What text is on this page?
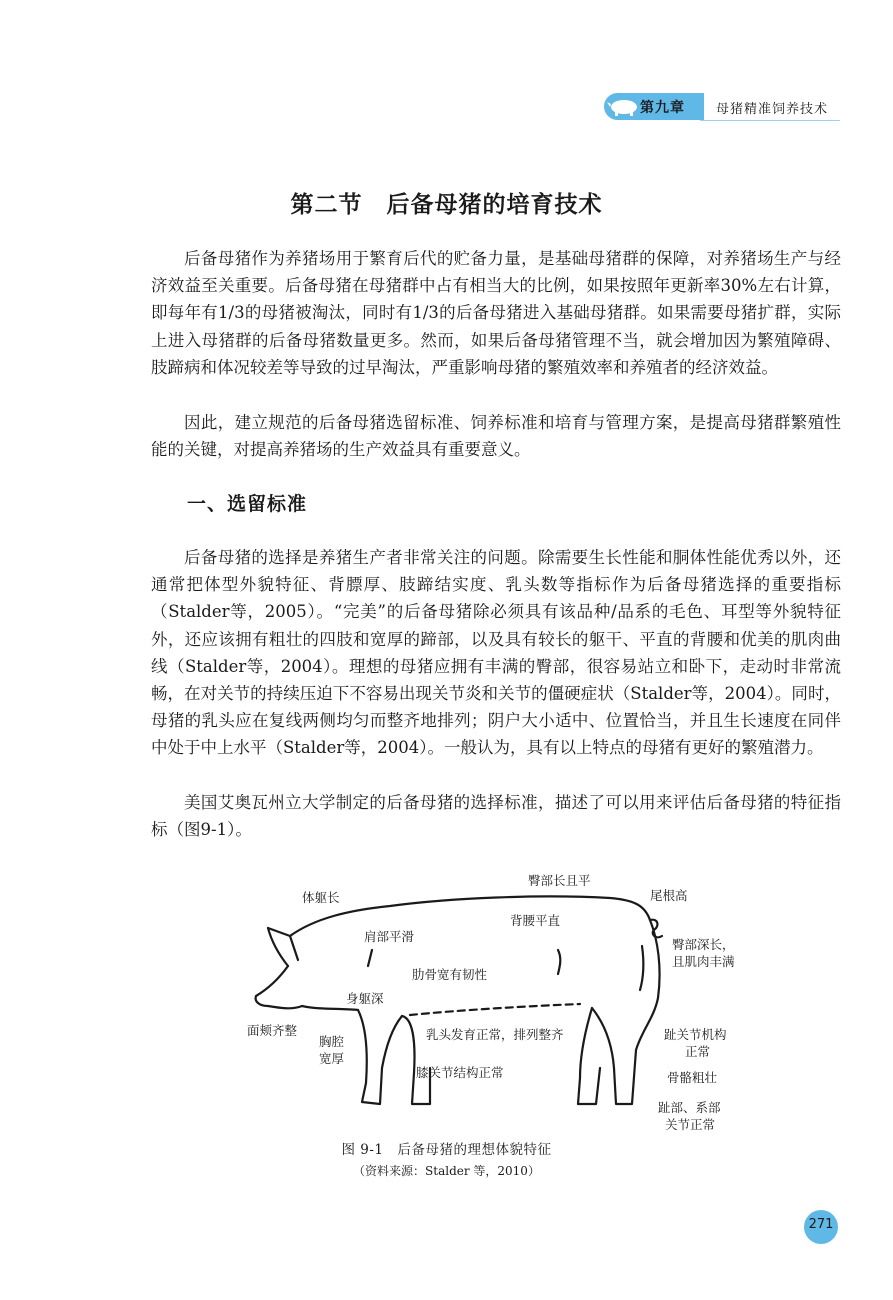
第九章 母猪精准饲养技术
第二节　后备母猪的培育技术

后备母猪作为养猪场用于繁育后代的贮备力量，是基础母猪群的保障，对养猪场生产与经济效益至关重要。后备母猪在母猪群中占有相当大的比例，如果按照年更新率30%左右计算，即每年有1/3的母猪被淘汰，同时有1/3的后备母猪进入基础母猪群。如果需要母猪扩群，实际上进入母猪群的后备母猪数量更多。然而，如果后备母猪管理不当，就会增加因为繁殖障碍、肢蹄病和体况较差等导致的过早淘汰，严重影响母猪的繁殖效率和养殖者的经济效益。

因此，建立规范的后备母猪选留标准、饲养标准和培育与管理方案，是提高母猪群繁殖性能的关键，对提高养猪场的生产效益具有重要意义。

一、选留标准

后备母猪的选择是养猪生产者非常关注的问题。除需要生长性能和胴体性能优秀以外，还通常把体型外貌特征、背膘厚、肢蹄结实度、乳头数等指标作为后备母猪选择的重要指标（Stalder等，2005）。“完美”的后备母猪除必须具有该品种/品系的毛色、耳型等外貌特征外，还应该拥有粗壮的四肢和宽厚的蹄部，以及具有较长的躯干、平直的背腰和优美的肌肉曲线（Stalder等，2004）。理想的母猪应拥有丰满的臀部，很容易站立和卧下，走动时非常流畅，在对关节的持续压迫下不容易出现关节炎和关节的僵硬症状（Stalder等，2004）。同时，母猪的乳头应在复线两侧均匀而整齐地排列；阴户大小适中、位置恰当，并且生长速度在同伴中处于中上水平（Stalder等，2004）。一般认为，具有以上特点的母猪有更好的繁殖潜力。

美国艾奥瓦州立大学制定的后备母猪的选择标准，描述了可以用来评估后备母猪的特征指标（图9-1）。

臀部长且平
体躯长	尾根高
背腰平直
肩部平滑
臀部深长，
且肌肉丰满
肋骨宽有韧性
身躯深
面颊齐整
胸腔
宽厚
乳头发育正常，排列整齐	趾关节机构
正常
骨骼粗壮
膝关节结构正常
趾部、系部
关节正常
图 9-1　后备母猪的理想体貌特征
（资料来源：Stalder 等，2010）
271
